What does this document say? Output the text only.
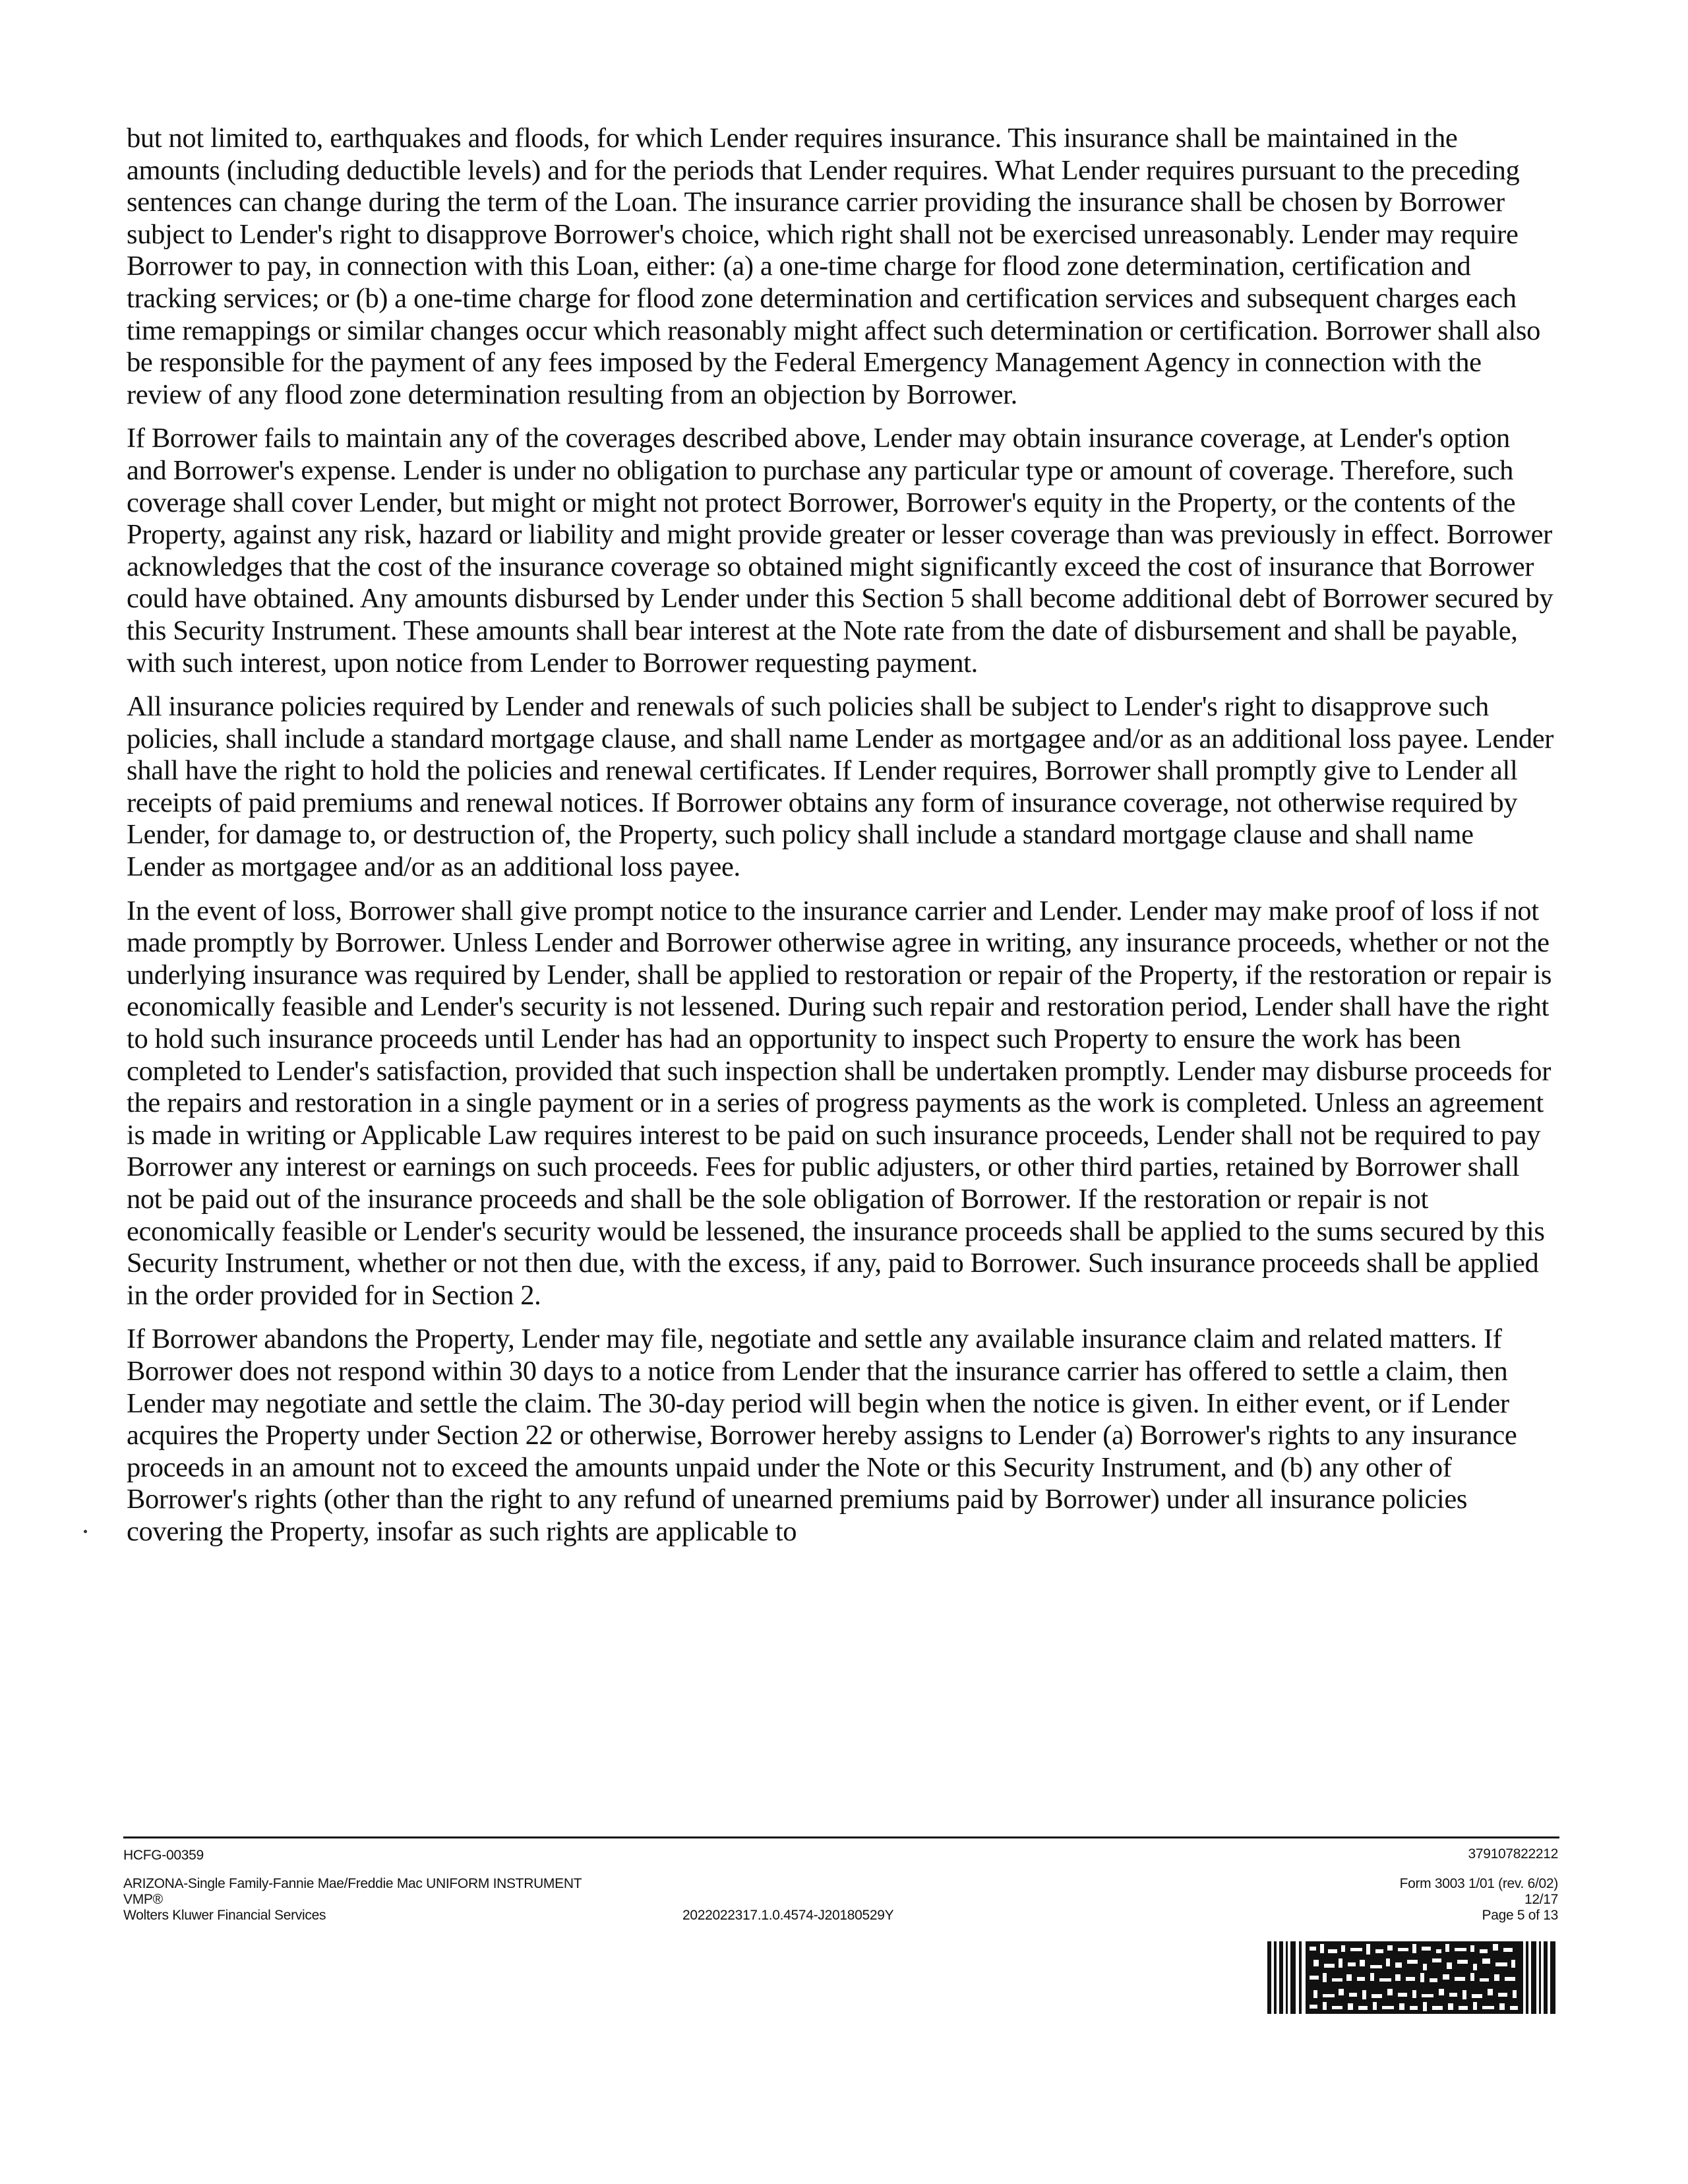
but not limited to, earthquakes and floods, for which Lender requires insurance. This insurance shall be maintained in the amounts (including deductible levels) and for the periods that Lender requires. What Lender requires pursuant to the preceding sentences can change during the term of the Loan. The insurance carrier providing the insurance shall be chosen by Borrower subject to Lender's right to disapprove Borrower's choice, which right shall not be exercised unreasonably. Lender may require Borrower to pay, in connection with this Loan, either: (a) a one-time charge for flood zone determination, certification and tracking services; or (b) a one-time charge for flood zone determination and certification services and subsequent charges each time remappings or similar changes occur which reasonably might affect such determination or certification. Borrower shall also be responsible for the payment of any fees imposed by the Federal Emergency Management Agency in connection with the review of any flood zone determination resulting from an objection by Borrower.

If Borrower fails to maintain any of the coverages described above, Lender may obtain insurance coverage, at Lender's option and Borrower's expense. Lender is under no obligation to purchase any particular type or amount of coverage. Therefore, such coverage shall cover Lender, but might or might not protect Borrower, Borrower's equity in the Property, or the contents of the Property, against any risk, hazard or liability and might provide greater or lesser coverage than was previously in effect. Borrower acknowledges that the cost of the insurance coverage so obtained might significantly exceed the cost of insurance that Borrower could have obtained. Any amounts disbursed by Lender under this Section 5 shall become additional debt of Borrower secured by this Security Instrument. These amounts shall bear interest at the Note rate from the date of disbursement and shall be payable, with such interest, upon notice from Lender to Borrower requesting payment.

All insurance policies required by Lender and renewals of such policies shall be subject to Lender's right to disapprove such policies, shall include a standard mortgage clause, and shall name Lender as mortgagee and/or as an additional loss payee. Lender shall have the right to hold the policies and renewal certificates. If Lender requires, Borrower shall promptly give to Lender all receipts of paid premiums and renewal notices. If Borrower obtains any form of insurance coverage, not otherwise required by Lender, for damage to, or destruction of, the Property, such policy shall include a standard mortgage clause and shall name Lender as mortgagee and/or as an additional loss payee.

In the event of loss, Borrower shall give prompt notice to the insurance carrier and Lender. Lender may make proof of loss if not made promptly by Borrower. Unless Lender and Borrower otherwise agree in writing, any insurance proceeds, whether or not the underlying insurance was required by Lender, shall be applied to restoration or repair of the Property, if the restoration or repair is economically feasible and Lender's security is not lessened. During such repair and restoration period, Lender shall have the right to hold such insurance proceeds until Lender has had an opportunity to inspect such Property to ensure the work has been completed to Lender's satisfaction, provided that such inspection shall be undertaken promptly. Lender may disburse proceeds for the repairs and restoration in a single payment or in a series of progress payments as the work is completed. Unless an agreement is made in writing or Applicable Law requires interest to be paid on such insurance proceeds, Lender shall not be required to pay Borrower any interest or earnings on such proceeds. Fees for public adjusters, or other third parties, retained by Borrower shall not be paid out of the insurance proceeds and shall be the sole obligation of Borrower. If the restoration or repair is not economically feasible or Lender's security would be lessened, the insurance proceeds shall be applied to the sums secured by this Security Instrument, whether or not then due, with the excess, if any, paid to Borrower. Such insurance proceeds shall be applied in the order provided for in Section 2.

If Borrower abandons the Property, Lender may file, negotiate and settle any available insurance claim and related matters. If Borrower does not respond within 30 days to a notice from Lender that the insurance carrier has offered to settle a claim, then Lender may negotiate and settle the claim. The 30-day period will begin when the notice is given. In either event, or if Lender acquires the Property under Section 22 or otherwise, Borrower hereby assigns to Lender (a) Borrower's rights to any insurance proceeds in an amount not to exceed the amounts unpaid under the Note or this Security Instrument, and (b) any other of Borrower's rights (other than the right to any refund of unearned premiums paid by Borrower) under all insurance policies covering the Property, insofar as such rights are applicable to

HCFG-00359
ARIZONA-Single Family-Fannie Mae/Freddie Mac UNIFORM INSTRUMENT
VMP®
Wolters Kluwer Financial Services	2022022317.1.0.4574-J20180529Y
379107822212
Form 3003 1/01 (rev. 6/02)
12/17
Page 5 of 13
